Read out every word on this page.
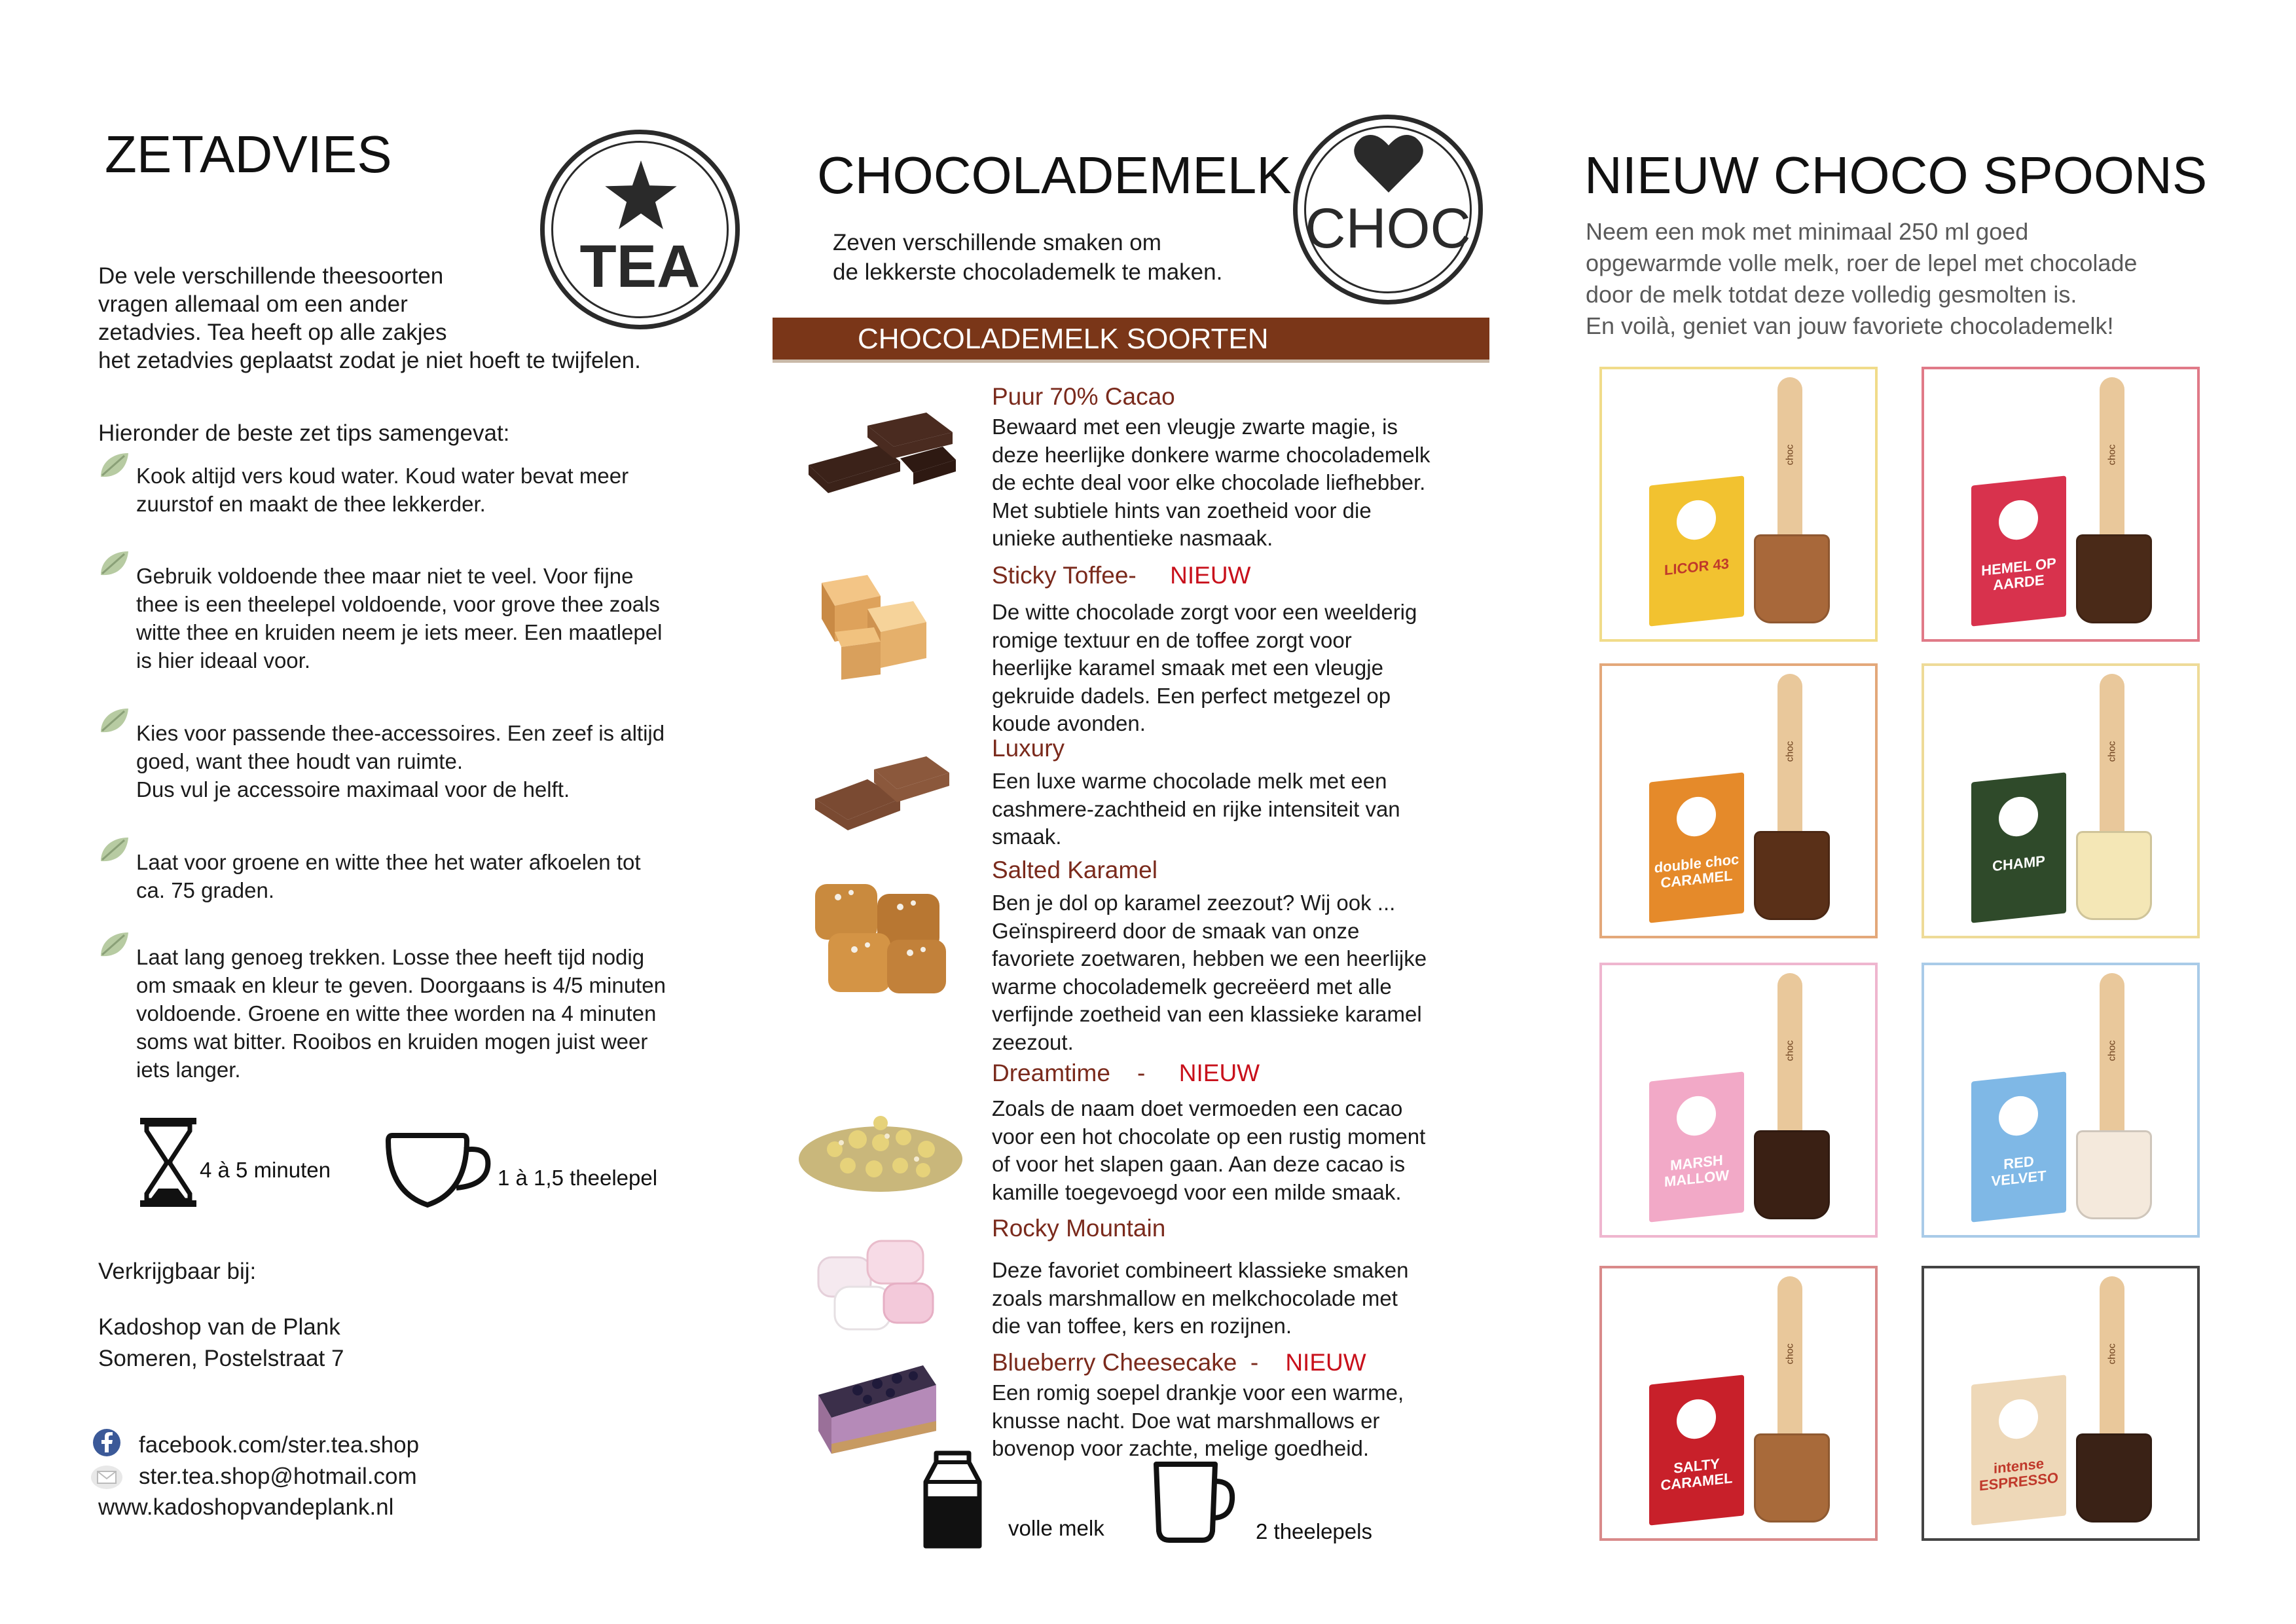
ZETADVIES
TEA
De vele verschillende theesoorten
vragen allemaal om een ander
zetadvies. Tea heeft op alle zakjes
het zetadvies geplaatst zodat je niet hoeft te twijfelen.
Hieronder de beste zet tips samengevat:
Kook altijd vers koud water. Koud water bevat meer
zuurstof en maakt de thee lekkerder.
Gebruik voldoende thee maar niet te veel. Voor fijne
thee is een theelepel voldoende, voor grove thee zoals
witte thee en kruiden neem je iets meer. Een maatlepel
is hier ideaal voor.
Kies voor passende thee-accessoires. Een zeef is altijd
goed, want thee houdt van ruimte.
Dus vul je accessoire maximaal voor de helft.
Laat voor groene en witte thee het water afkoelen tot
ca. 75 graden.
Laat lang genoeg trekken. Losse thee heeft tijd nodig
om smaak en kleur te geven. Doorgaans is 4/5 minuten
voldoende. Groene en witte thee worden na 4 minuten
soms wat bitter. Rooibos en kruiden mogen juist weer
iets langer.
4 à 5 minuten	1 à 1,5 theelepel
Verkrijgbaar bij:
Kadoshop van de Plank
Someren, Postelstraat 7
facebook.com/ster.tea.shop
ster.tea.shop@hotmail.com
www.kadoshopvandeplank.nl
CHOCOLADEMELK
CHOC
Zeven verschillende smaken om
de lekkerste chocolademelk te maken.
CHOCOLADEMELK SOORTEN
Puur 70% Cacao
Bewaard met een vleugje zwarte magie, is
deze heerlijke donkere warme chocolademelk
de echte deal voor elke chocolade liefhebber.
Met subtiele hints van zoetheid voor die
unieke authentieke nasmaak.
Sticky Toffee- NIEUW
De witte chocolade zorgt voor een weelderig
romige textuur en de toffee zorgt voor
heerlijke karamel smaak met een vleugje
gekruide dadels. Een perfect metgezel op
koude avonden.
Luxury
Een luxe warme chocolade melk met een
cashmere-zachtheid en rijke intensiteit van
smaak.
Salted Karamel
Ben je dol op karamel zeezout? Wij ook ...
Geïnspireerd door de smaak van onze
favoriete zoetwaren, hebben we een heerlijke
warme chocolademelk gecreëerd met alle
verfijnde zoetheid van een klassieke karamel
zeezout.
Dreamtime    - NIEUW
Zoals de naam doet vermoeden een cacao
voor een hot chocolate op een rustig moment
of voor het slapen gaan. Aan deze cacao is
kamille toegevoegd voor een milde smaak.
Rocky Mountain
Deze favoriet combineert klassieke smaken
zoals marshmallow en melkchocolade met
die van toffee, kers en rozijnen.
Blueberry Cheesecake  - NIEUW
Een romig soepel drankje voor een warme,
knusse nacht. Doe wat marshmallows er
bovenop voor zachte, melige goedheid.
volle melk	2 theelepels
NIEUW CHOCO SPOONS
Neem een mok met minimaal 250 ml goed
opgewarmde volle melk, roer de lepel met chocolade
door de melk totdat deze volledig gesmolten is.
En voilà, geniet van jouw favoriete chocolademelk!
choc
LICOR 43
choc	HEMEL OP AARDE
choc
double choc CARAMEL
choc
CHAMP
choc
MARSH MALLOW
choc
RED VELVET
choc
SALTY CARAMEL
choc
intense ESPRESSO
